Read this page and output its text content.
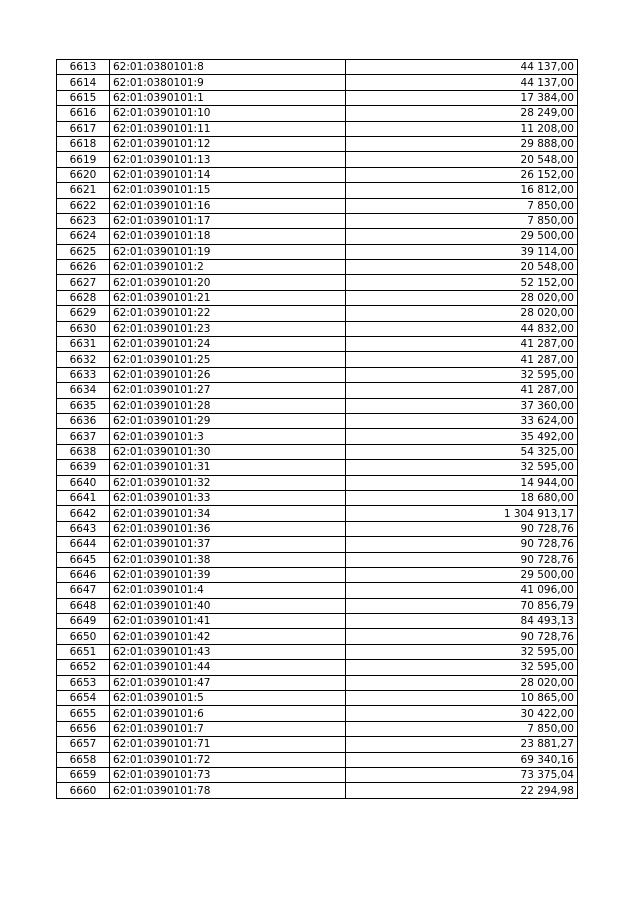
6613	62:01:0380101:8	44 137,00
6614	62:01:0380101:9	44 137,00
6615	62:01:0390101:1	17 384,00
6616	62:01:0390101:10	28 249,00
6617	62:01:0390101:11	11 208,00
6618	62:01:0390101:12	29 888,00
6619	62:01:0390101:13	20 548,00
6620	62:01:0390101:14	26 152,00
6621	62:01:0390101:15	16 812,00
6622	62:01:0390101:16	7 850,00
6623	62:01:0390101:17	7 850,00
6624	62:01:0390101:18	29 500,00
6625	62:01:0390101:19	39 114,00
6626	62:01:0390101:2	20 548,00
6627	62:01:0390101:20	52 152,00
6628	62:01:0390101:21	28 020,00
6629	62:01:0390101:22	28 020,00
6630	62:01:0390101:23	44 832,00
6631	62:01:0390101:24	41 287,00
6632	62:01:0390101:25	41 287,00
6633	62:01:0390101:26	32 595,00
6634	62:01:0390101:27	41 287,00
6635	62:01:0390101:28	37 360,00
6636	62:01:0390101:29	33 624,00
6637	62:01:0390101:3	35 492,00
6638	62:01:0390101:30	54 325,00
6639	62:01:0390101:31	32 595,00
6640	62:01:0390101:32	14 944,00
6641	62:01:0390101:33	18 680,00
6642	62:01:0390101:34	1 304 913,17
6643	62:01:0390101:36	90 728,76
6644	62:01:0390101:37	90 728,76
6645	62:01:0390101:38	90 728,76
6646	62:01:0390101:39	29 500,00
6647	62:01:0390101:4	41 096,00
6648	62:01:0390101:40	70 856,79
6649	62:01:0390101:41	84 493,13
6650	62:01:0390101:42	90 728,76
6651	62:01:0390101:43	32 595,00
6652	62:01:0390101:44	32 595,00
6653	62:01:0390101:47	28 020,00
6654	62:01:0390101:5	10 865,00
6655	62:01:0390101:6	30 422,00
6656	62:01:0390101:7	7 850,00
6657	62:01:0390101:71	23 881,27
6658	62:01:0390101:72	69 340,16
6659	62:01:0390101:73	73 375,04
6660	62:01:0390101:78	22 294,98
